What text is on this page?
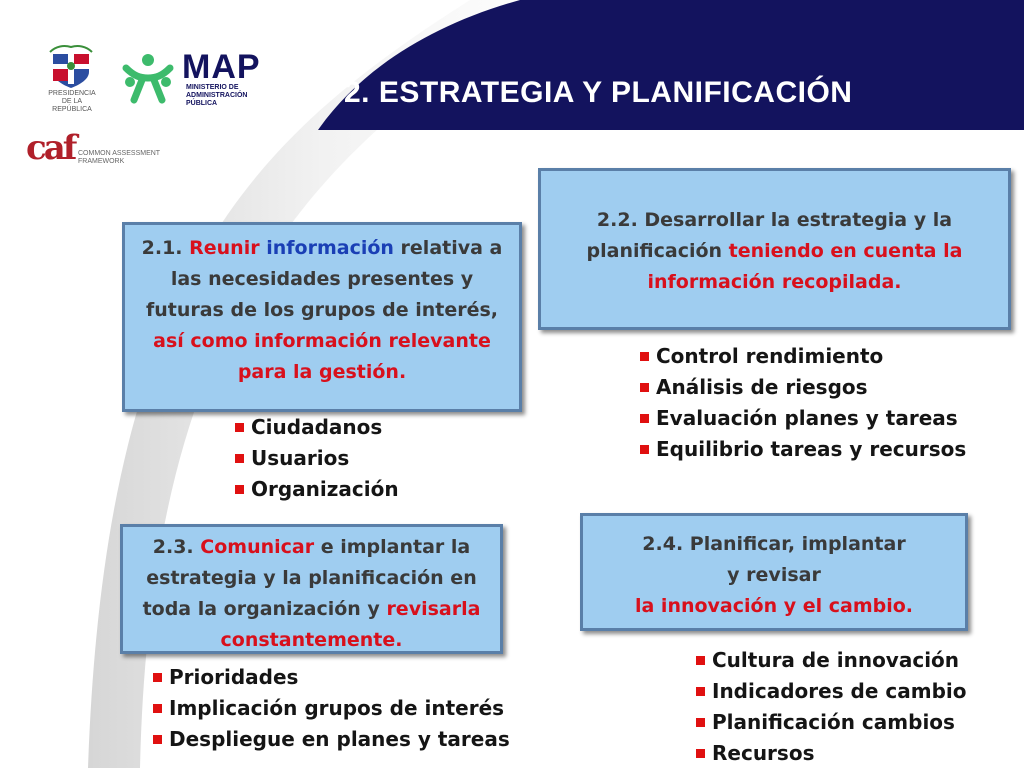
PRESIDENCIA
DE LA REPÚBLICA
MAP
MINISTERIO DE
ADMINISTRACIÓN
PÚBLICA
caf COMMON ASSESSMENT
FRAMEWORK
2. ESTRATEGIA Y PLANIFICACIÓN
2.1. Reunir información relativa a las necesidades presentes y futuras de los grupos de interés, así como información relevante para la gestión.
2.2. Desarrollar la estrategia y la planificación teniendo en cuenta la información recopilada.
2.3. Comunicar e implantar la estrategia y la planificación en toda la organización y revisarla constantemente.
2.4. Planificar, implantar
y revisar
la innovación y el cambio.
Ciudadanos
Usuarios
Organización
Control rendimiento
Análisis de riesgos
Evaluación planes y tareas
Equilibrio tareas y recursos
Prioridades
Implicación grupos de interés
Despliegue en planes y tareas
Cultura de innovación
Indicadores de cambio
Planificación cambios
Recursos
